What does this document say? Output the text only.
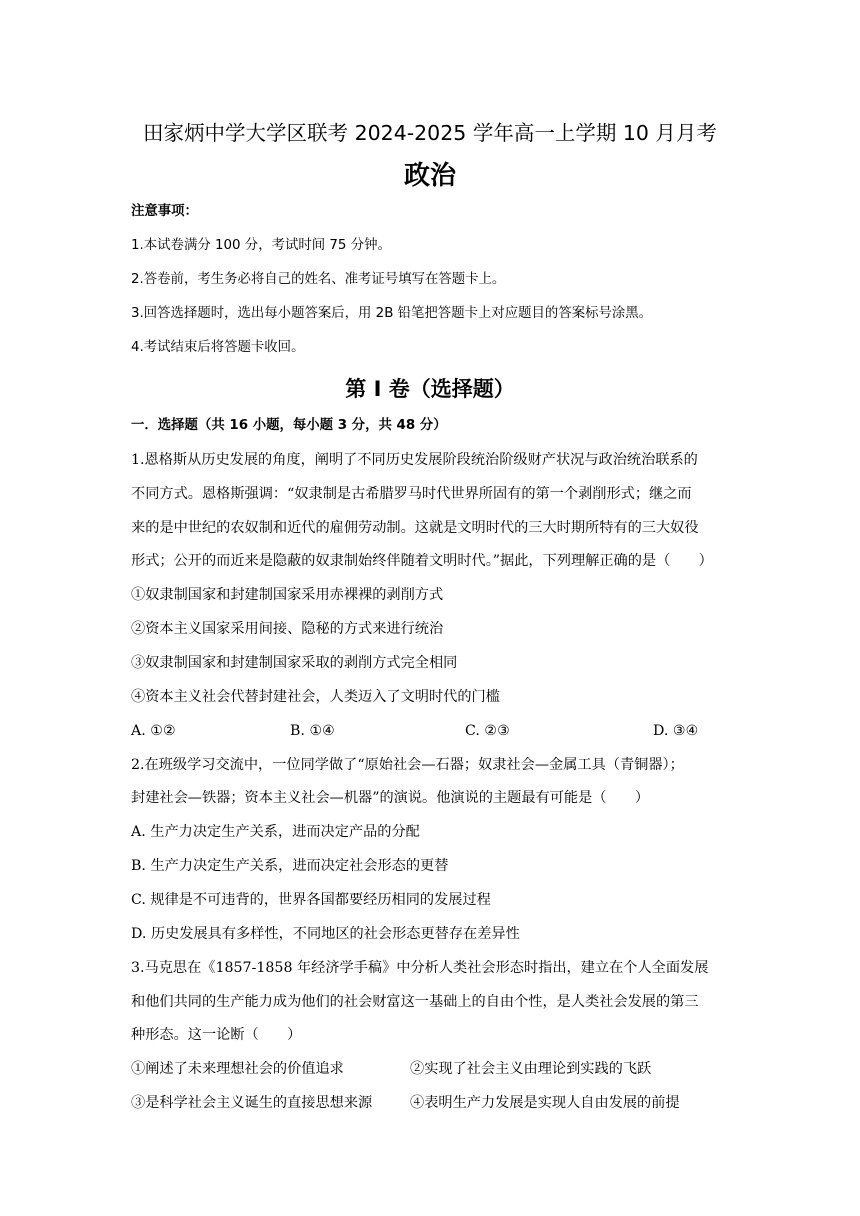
田家炳中学大学区联考 2024-2025 学年高一上学期 10 月月考
政治
注意事项：
1.本试卷满分 100 分，考试时间 75 分钟。
2.答卷前，考生务必将自己的姓名、准考证号填写在答题卡上。
3.回答选择题时，选出每小题答案后，用 2B 铅笔把答题卡上对应题目的答案标号涂黑。
4.考试结束后将答题卡收回。
第 I 卷（选择题）
一．选择题（共 16 小题，每小题 3 分，共 48 分）
1.恩格斯从历史发展的角度，阐明了不同历史发展阶段统治阶级财产状况与政治统治联系的
不同方式。恩格斯强调：“奴隶制是古希腊罗马时代世界所固有的第一个剥削形式；继之而
来的是中世纪的农奴制和近代的雇佣劳动制。这就是文明时代的三大时期所特有的三大奴役
形式；公开的而近来是隐蔽的奴隶制始终伴随着文明时代。”据此，下列理解正确的是（　　）
①奴隶制国家和封建制国家采用赤裸裸的剥削方式
②资本主义国家采用间接、隐秘的方式来进行统治
③奴隶制国家和封建制国家采取的剥削方式完全相同
④资本主义社会代替封建社会，人类迈入了文明时代的门槛
A. ①②	B. ①④	C. ②③	D. ③④
2.在班级学习交流中，一位同学做了“原始社会—石器；奴隶社会—金属工具（青铜器）；
封建社会—铁器；资本主义社会—机器”的演说。他演说的主题最有可能是（　　）
A. 生产力决定生产关系，进而决定产品的分配
B. 生产力决定生产关系，进而决定社会形态的更替
C. 规律是不可违背的，世界各国都要经历相同的发展过程
D. 历史发展具有多样性，不同地区的社会形态更替存在差异性
3.马克思在《1857-1858 年经济学手稿》中分析人类社会形态时指出，建立在个人全面发展
和他们共同的生产能力成为他们的社会财富这一基础上的自由个性，是人类社会发展的第三
种形态。这一论断（　　）
①阐述了未来理想社会的价值追求	②实现了社会主义由理论到实践的飞跃
③是科学社会主义诞生的直接思想来源	④表明生产力发展是实现人自由发展的前提
